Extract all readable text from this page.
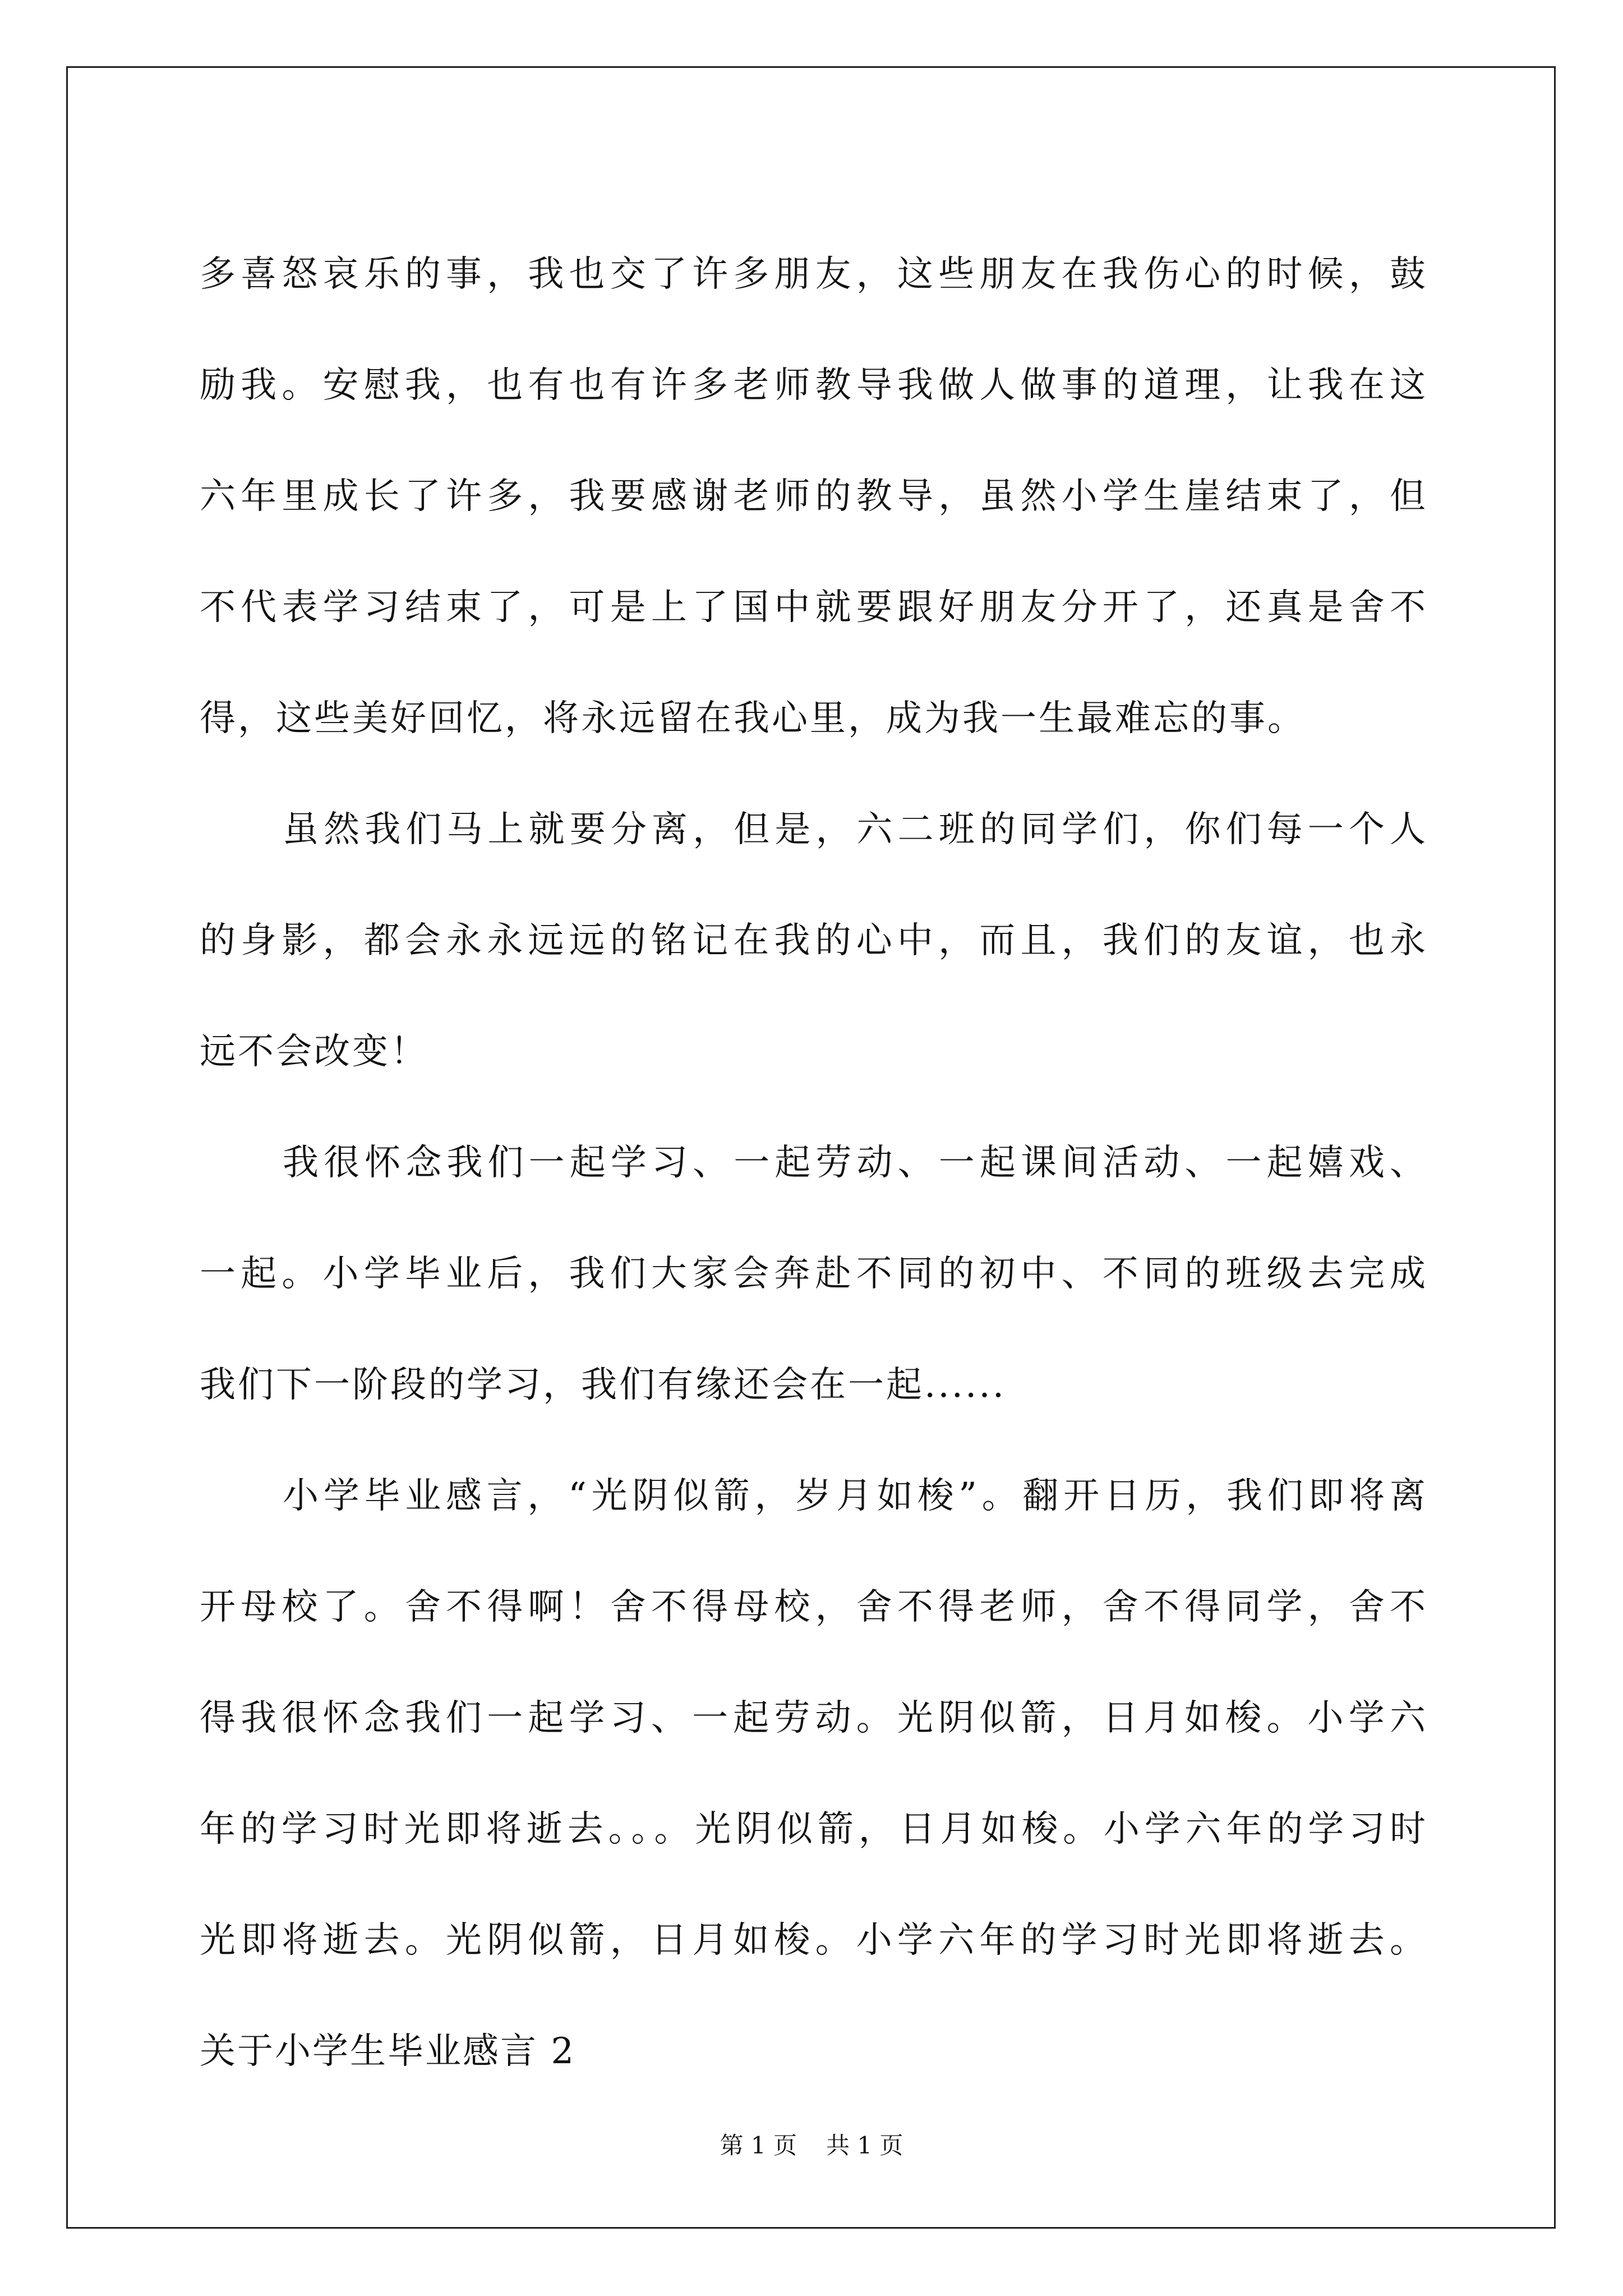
多喜怒哀乐的事，我也交了许多朋友，这些朋友在我伤心的时候，鼓
励我。安慰我，也有也有许多老师教导我做人做事的道理，让我在这
六年里成长了许多，我要感谢老师的教导，虽然小学生崖结束了，但
不代表学习结束了，可是上了国中就要跟好朋友分开了，还真是舍不
得，这些美好回忆，将永远留在我心里，成为我一生最难忘的事。
虽然我们马上就要分离，但是，六二班的同学们，你们每一个人
的身影，都会永永远远的铭记在我的心中，而且，我们的友谊，也永
远不会改变！
我很怀念我们一起学习、一起劳动、一起课间活动、一起嬉戏、
一起。小学毕业后，我们大家会奔赴不同的初中、不同的班级去完成
我们下一阶段的学习，我们有缘还会在一起......
小学毕业感言，“光阴似箭，岁月如梭”。翻开日历，我们即将离
开母校了。舍不得啊！舍不得母校，舍不得老师，舍不得同学，舍不
得我很怀念我们一起学习、一起劳动。光阴似箭，日月如梭。小学六
年的学习时光即将逝去。。。光阴似箭，日月如梭。小学六年的学习时
光即将逝去。光阴似箭，日月如梭。小学六年的学习时光即将逝去。
关于小学生毕业感言 2
第 1 页 共 1 页
